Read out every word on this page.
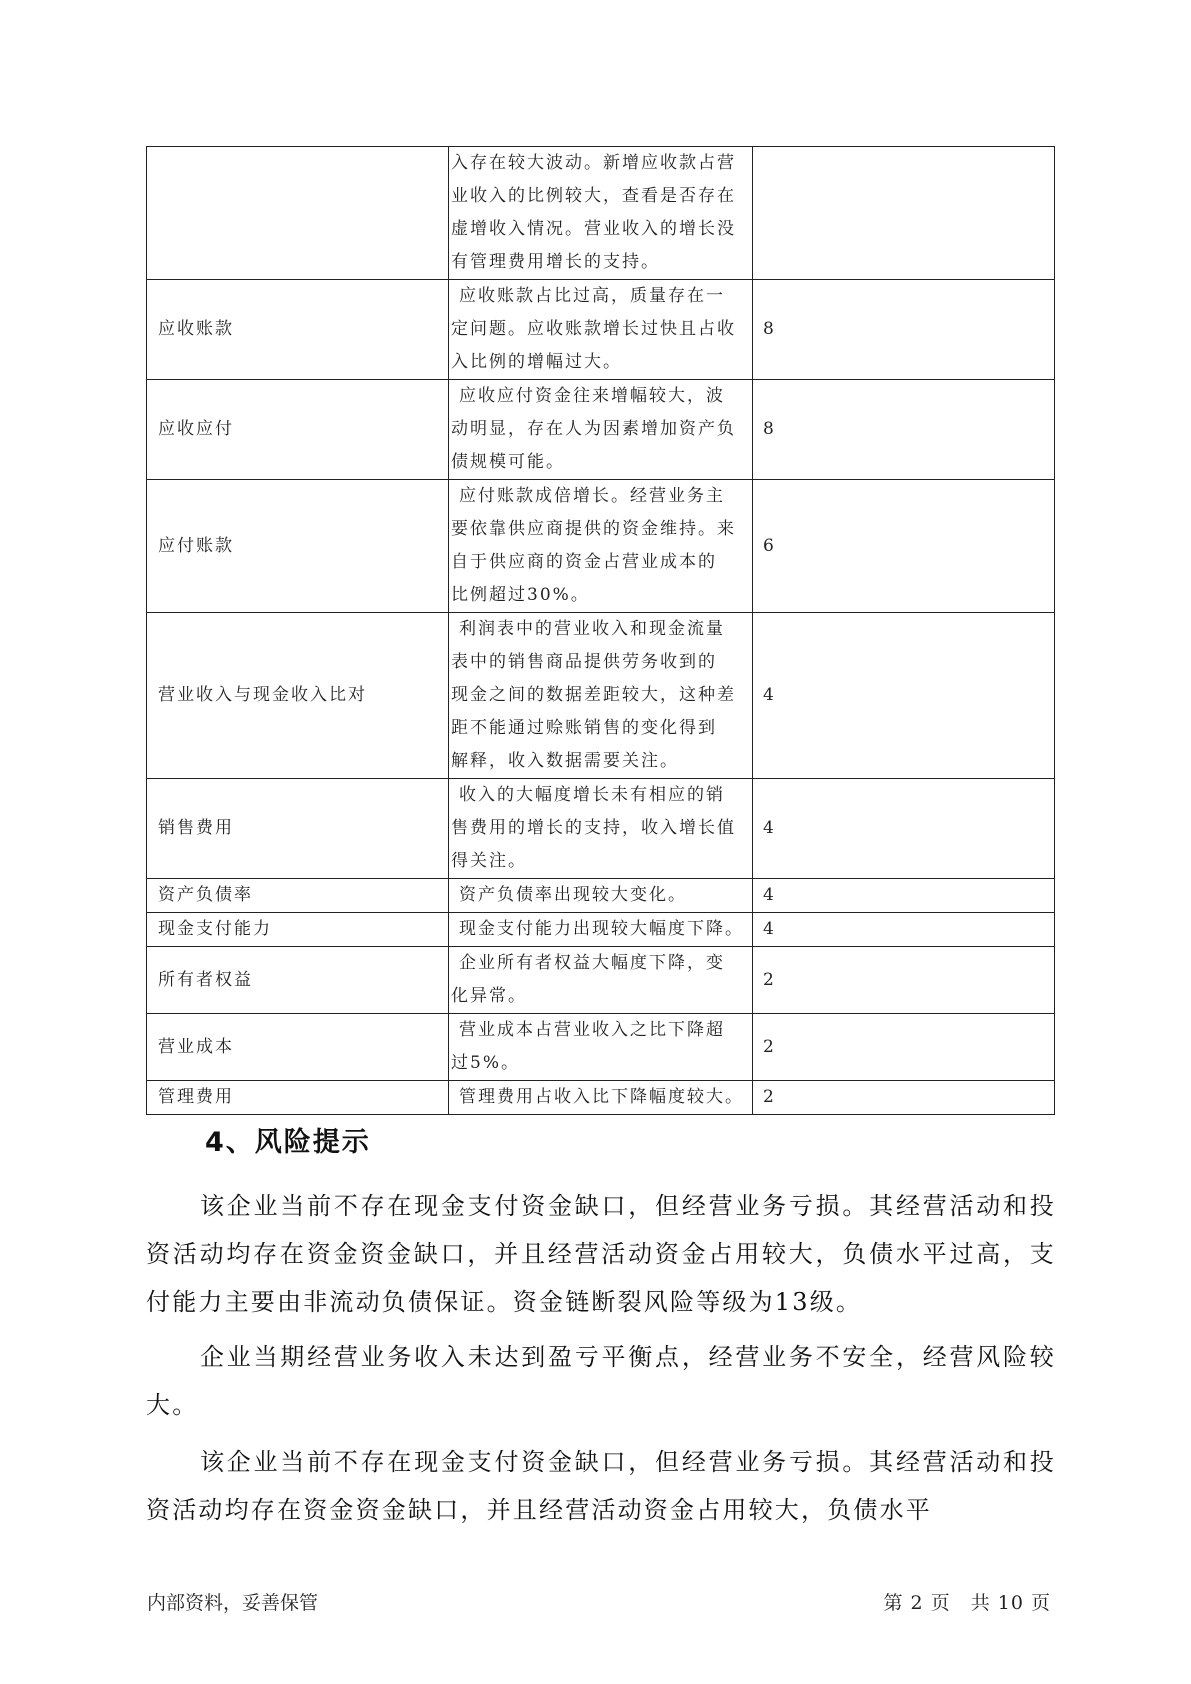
	入存在较大波动。新增应收款占营
业收入的比例较大，查看是否存在
虚增收入情况。营业收入的增长没
有管理费用增长的支持。	

应收账款	应收账款占比过高，质量存在一
定问题。应收账款增长过快且占收
入比例的增幅过大。	8
应收应付	应收应付资金往来增幅较大，波
动明显，存在人为因素增加资产负
债规模可能。	8
应付账款	应付账款成倍增长。经营业务主
要依靠供应商提供的资金维持。来
自于供应商的资金占营业成本的
比例超过30%。	6
营业收入与现金收入比对	利润表中的营业收入和现金流量
表中的销售商品提供劳务收到的
现金之间的数据差距较大，这种差
距不能通过赊账销售的变化得到
解释，收入数据需要关注。	4
销售费用	收入的大幅度增长未有相应的销
售费用的增长的支持，收入增长值
得关注。	4
资产负债率	资产负债率出现较大变化。	4
现金支付能力	现金支付能力出现较大幅度下降。	4
所有者权益	企业所有者权益大幅度下降，变
化异常。	2
营业成本	营业成本占营业收入之比下降超
过5%。	2
管理费用	管理费用占收入比下降幅度较大。	2
4、风险提示

该企业当前不存在现金支付资金缺口，但经营业务亏损。其经营活动和投资活动均存在资金资金缺口，并且经营活动资金占用较大，负债水平过高，支付能力主要由非流动负债保证。资金链断裂风险等级为13级。

企业当期经营业务收入未达到盈亏平衡点，经营业务不安全，经营风险较大。

该企业当前不存在现金支付资金缺口，但经营业务亏损。其经营活动和投资活动均存在资金资金缺口，并且经营活动资金占用较大，负债水平

内部资料，妥善保管	第 2 页　共 10 页
